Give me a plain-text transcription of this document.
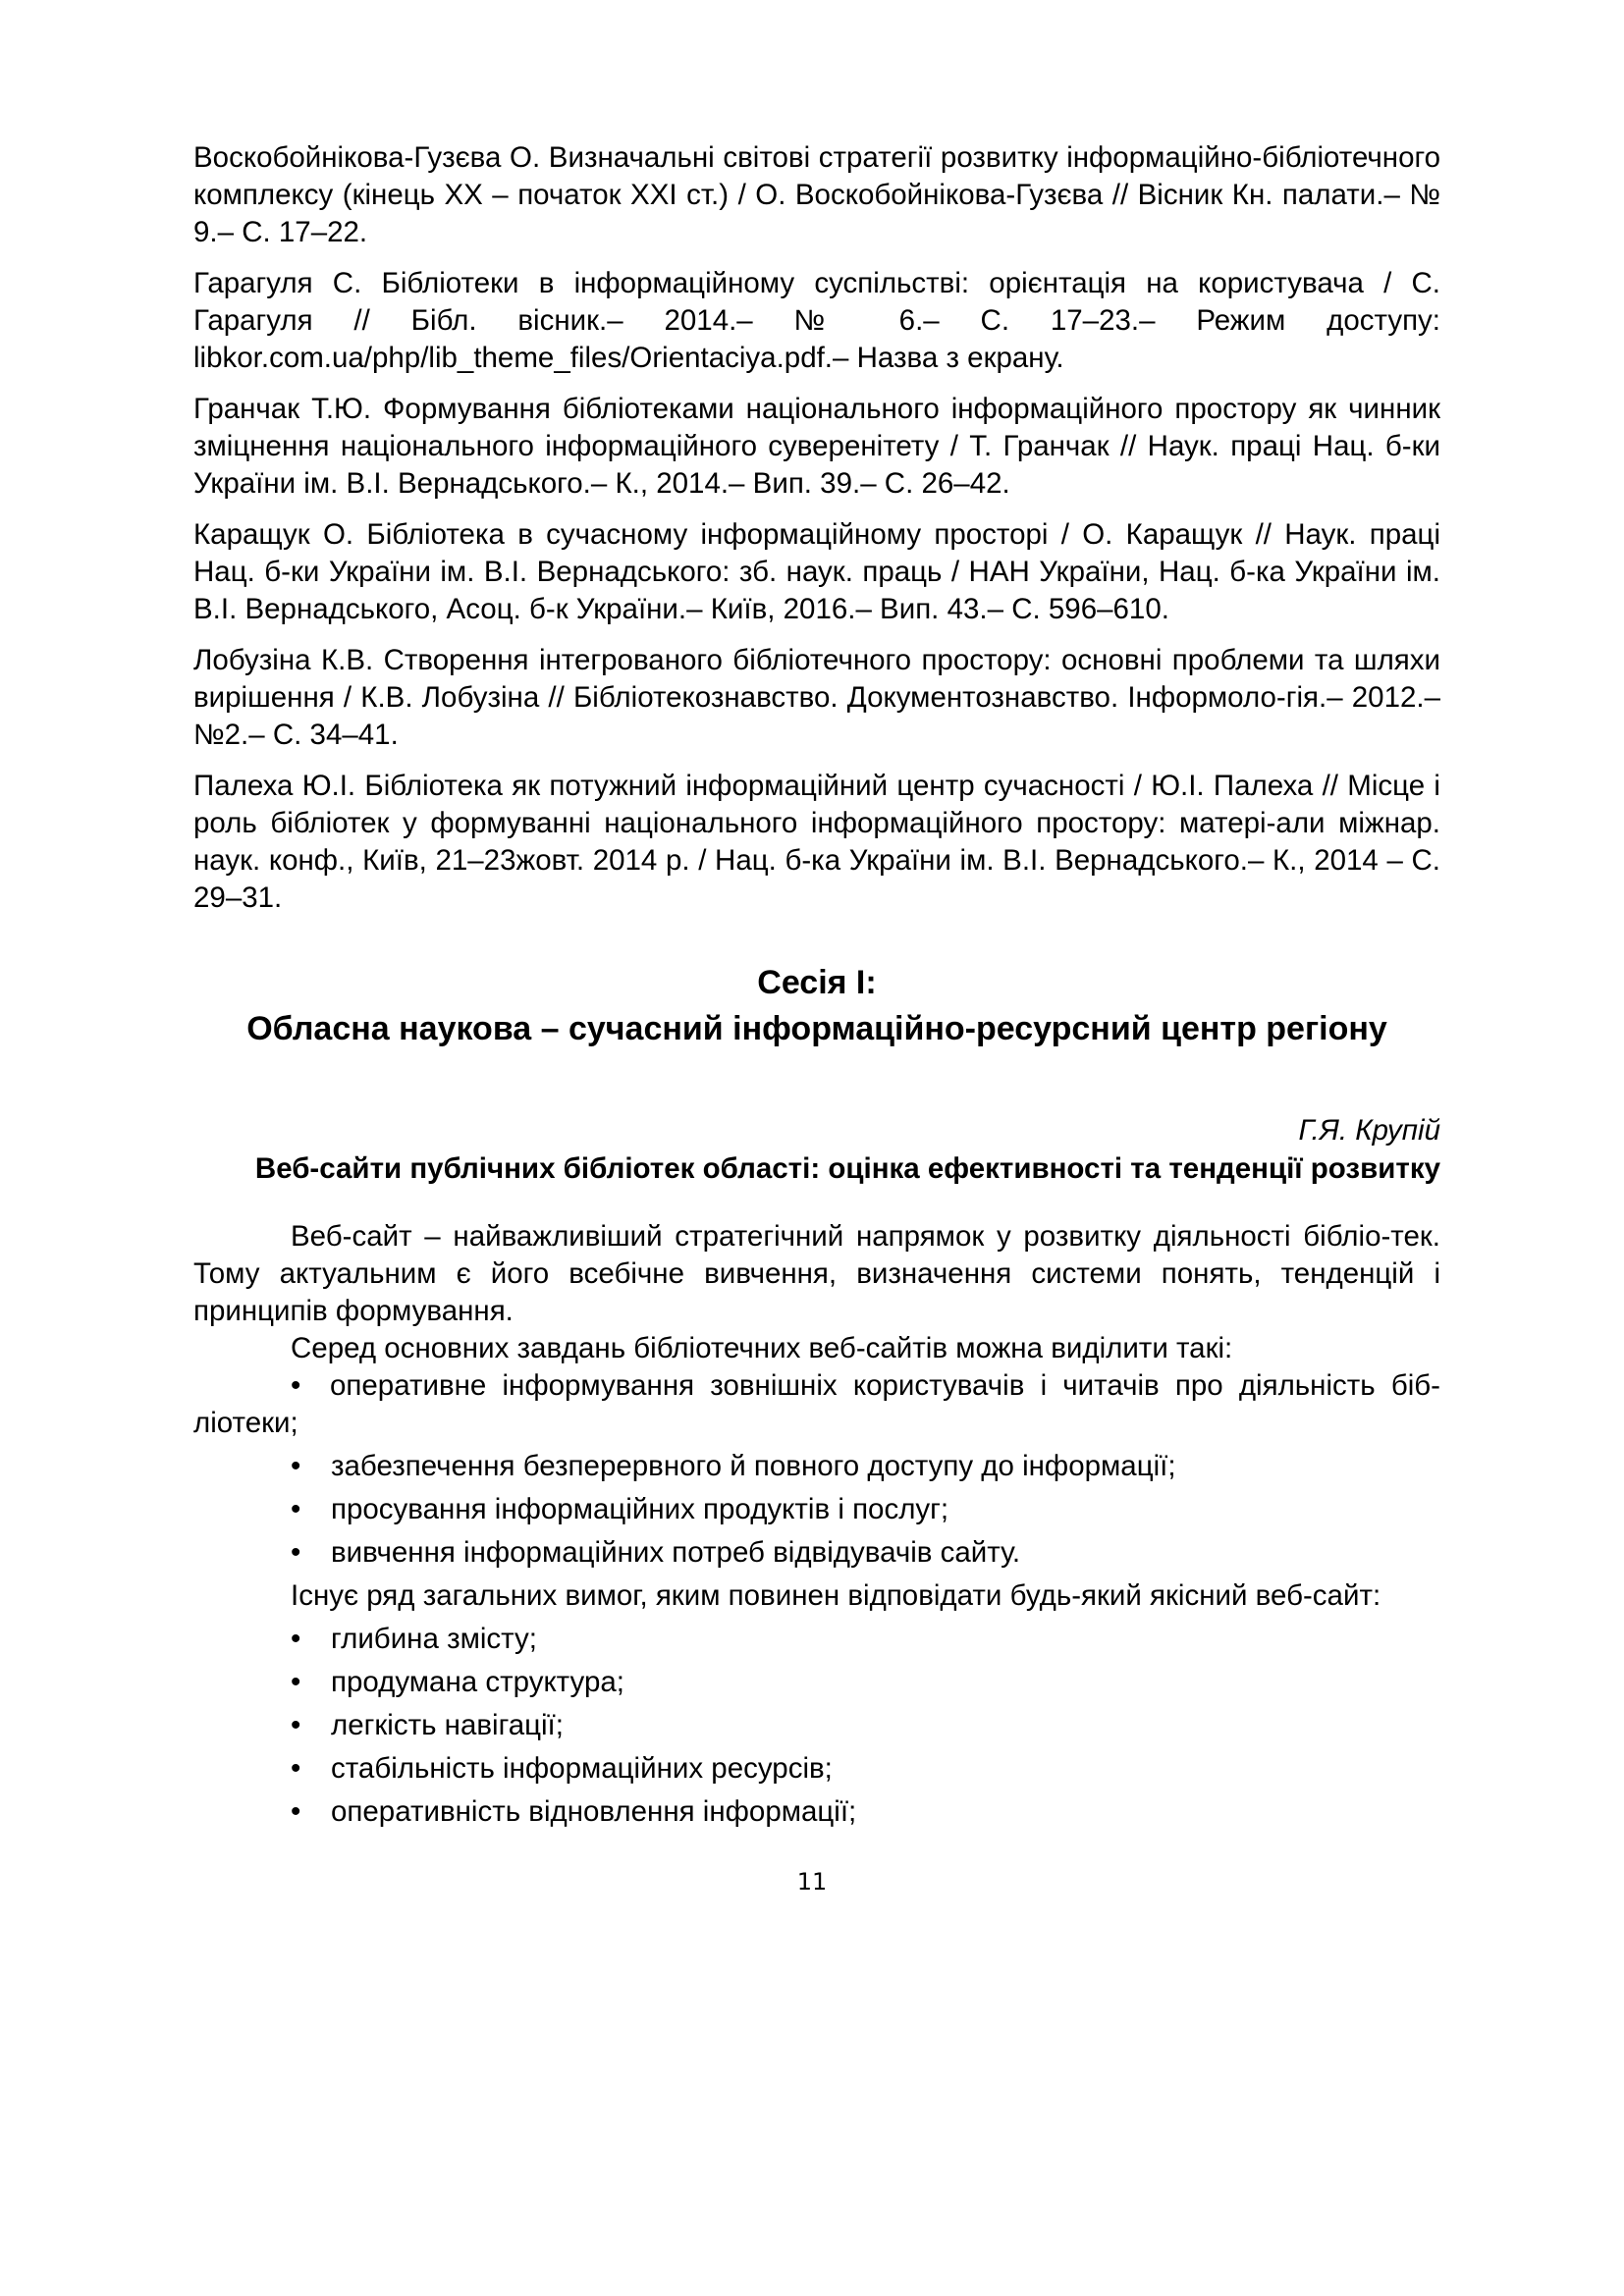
Воскобойнікова-Гузєва О. Визначальні світові стратегії розвитку інформаційно-бібліотечного комплексу (кінець ХХ – початок ХХІ ст.) / О. Воскобойнікова-Гузєва // Вісник Кн. палати.– № 9.– С. 17–22.

Гарагуля С. Бібліотеки в інформаційному суспільстві: орієнтація на користувача / С. Гарагуля // Бібл. вісник.– 2014.– № 6.– С. 17–23.– Режим доступу: libkor.com.ua/php/lib_theme_files/Orientaciya.pdf.– Назва з екрану.

Гранчак Т.Ю. Формування бібліотеками національного інформаційного простору як чинник зміцнення національного інформаційного суверенітету / Т. Гранчак // Наук. праці Нац. б-ки України ім. В.І. Вернадського.– К., 2014.– Вип. 39.– С. 26–42.

Каращук О. Бібліотека в сучасному інформаційному просторі / О. Каращук // Наук. праці Нац. б-ки України ім. В.І. Вернадського: зб. наук. праць / НАН України, Нац. б-ка України ім. В.І. Вернадського, Асоц. б-к України.– Київ, 2016.– Вип. 43.– С. 596–610.

Лобузіна К.В. Створення інтегрованого бібліотечного простору: основні проблеми та шляхи вирішення / К.В. Лобузіна // Бібліотекознавство. Документознавство. Інформоло-гія.– 2012.– №2.– С. 34–41.

Палеха Ю.І. Бібліотека як потужний інформаційний центр сучасності / Ю.І. Палеха // Місце і роль бібліотек у формуванні національного інформаційного простору: матері-али міжнар. наук. конф., Київ, 21–23жовт. 2014 р. / Нац. б-ка України ім. В.І. Вернадського.– К., 2014 – С. 29–31.

Сесія І:
Обласна наукова – сучасний інформаційно-ресурсний центр регіону
Г.Я. Крупій
Веб-сайти публічних бібліотек області: оцінка ефективності та тенденції розвитку

Веб-сайт – найважливіший стратегічний напрямок у розвитку діяльності бібліо-тек. Тому актуальним є його всебічне вивчення, визначення системи понять, тенденцій і принципів формування.

Серед основних завдань бібліотечних веб-сайтів можна виділити такі:

• оперативне інформування зовнішніх користувачів і читачів про діяльність біб-ліотеки;

• забезпечення безперервного й повного доступу до інформації;
• просування інформаційних продуктів і послуг;
• вивчення інформаційних потреб відвідувачів сайту.

Існує ряд загальних вимог, яким повинен відповідати будь-який якісний веб-сайт:

• глибина змісту;
• продумана структура;
• легкість навігації;
• стабільність інформаційних ресурсів;
• оперативність відновлення інформації;
11
